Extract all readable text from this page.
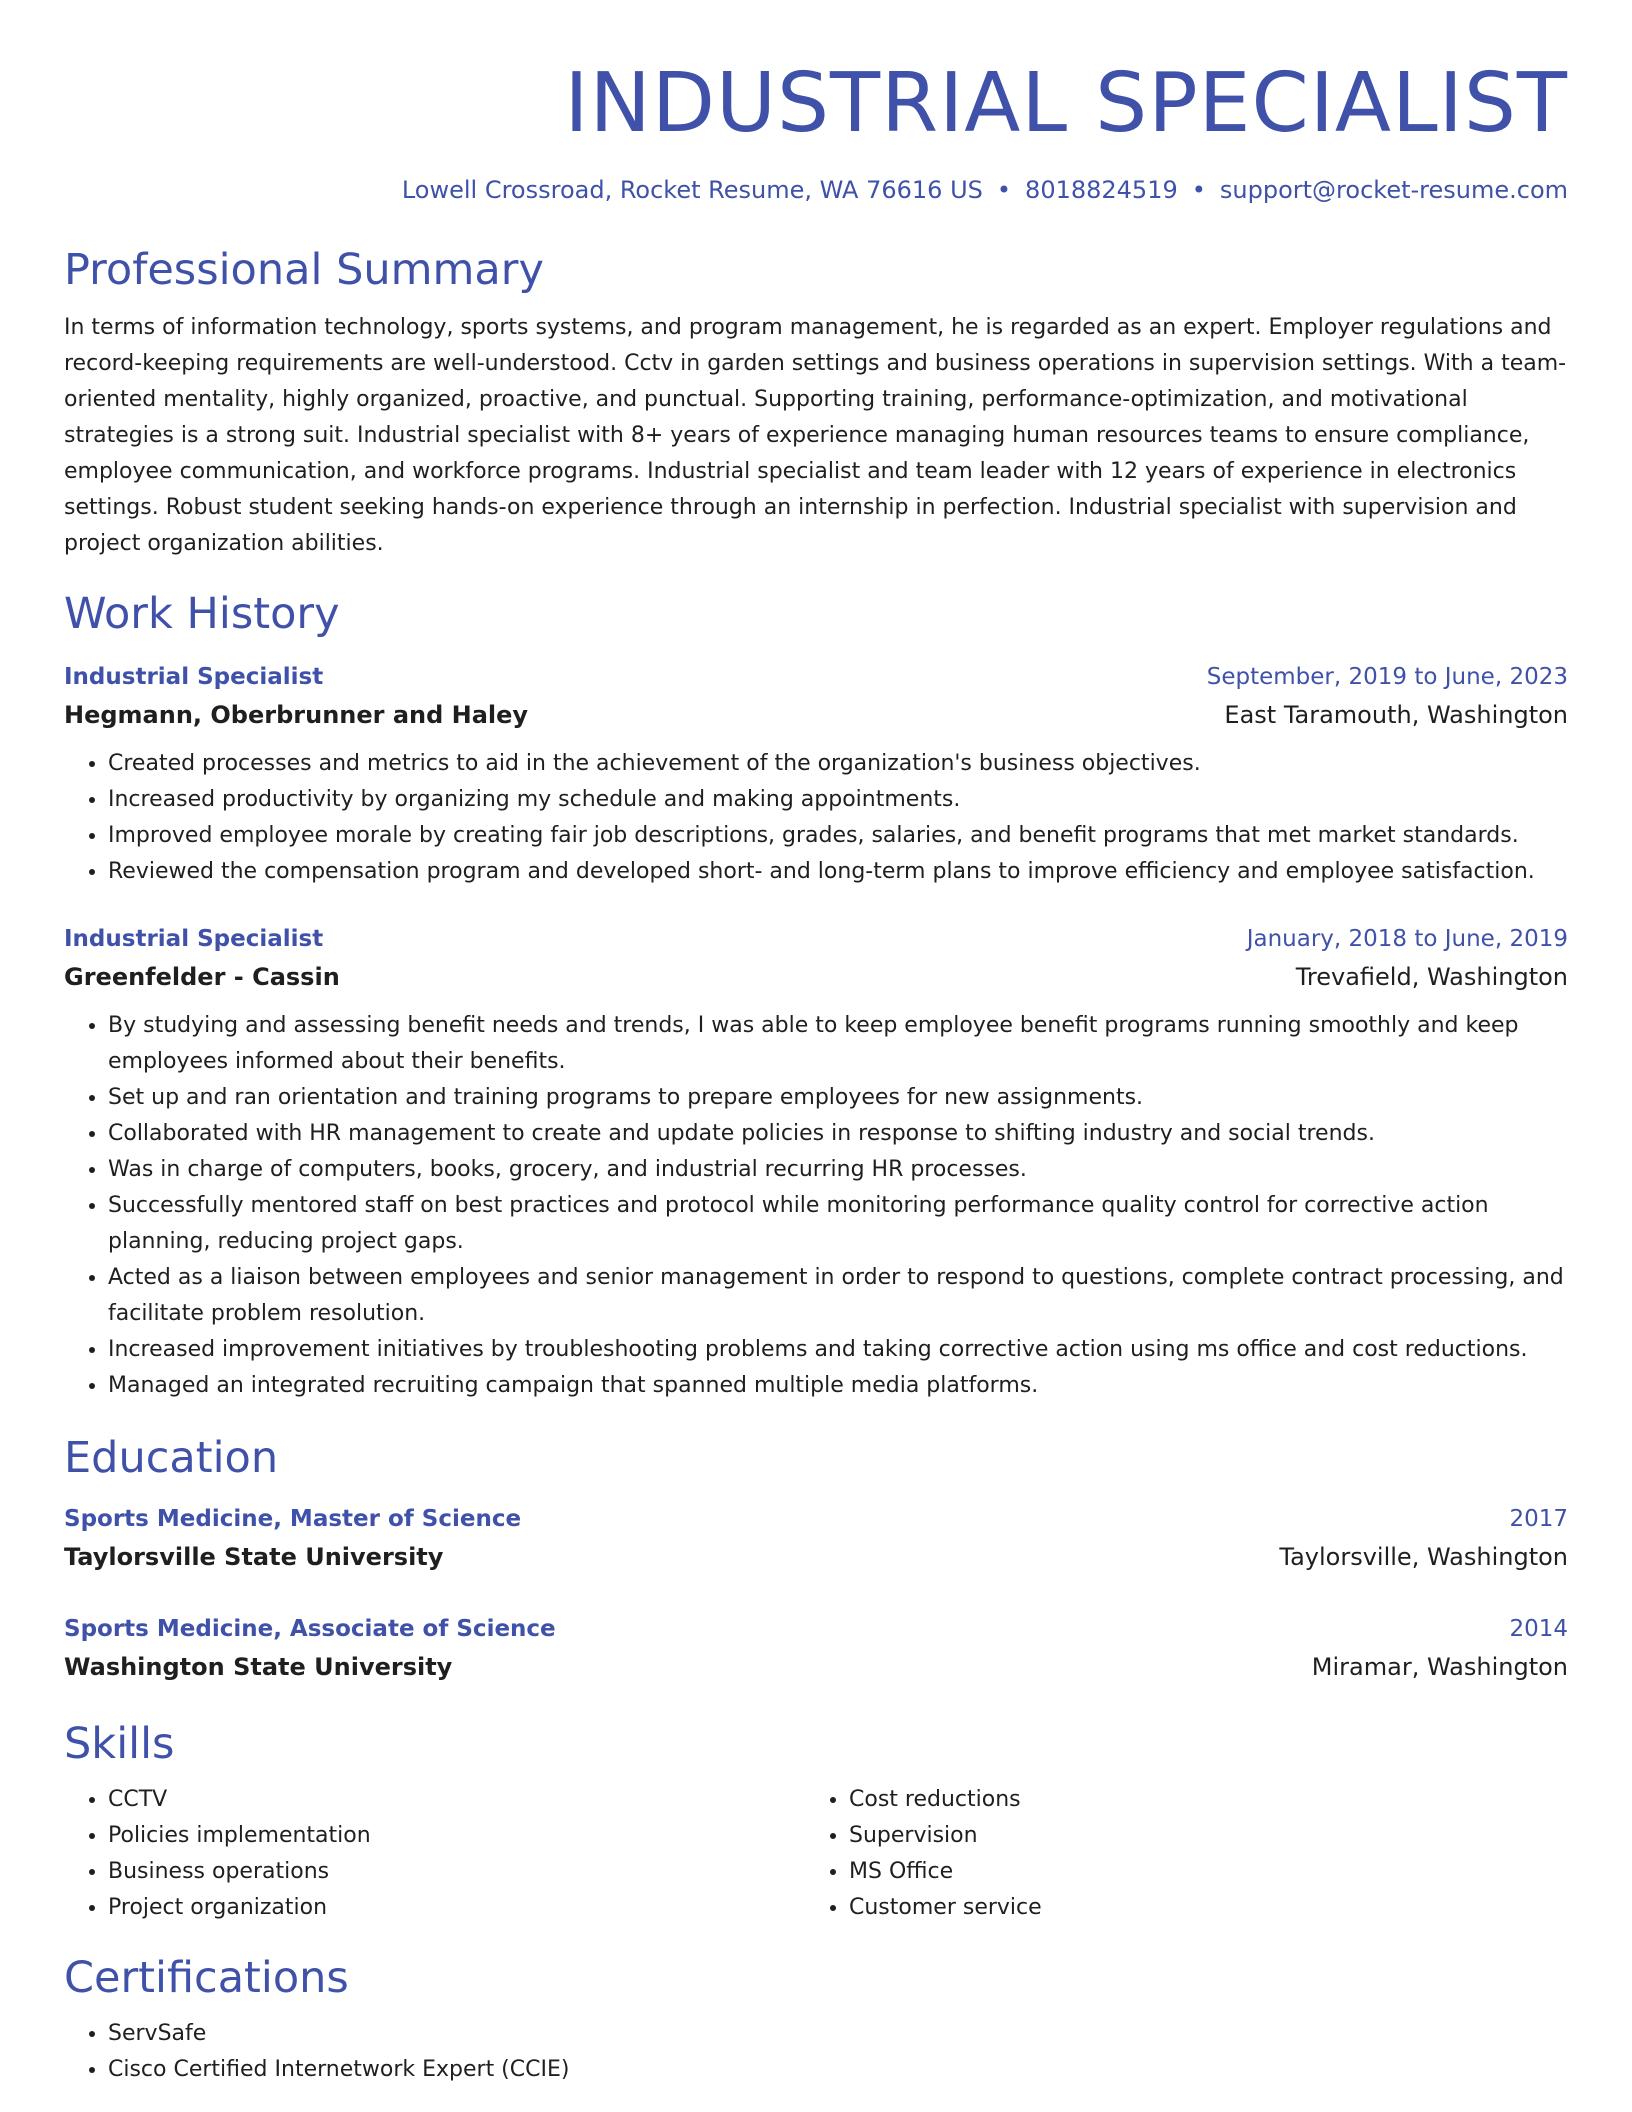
INDUSTRIAL SPECIALIST
Lowell Crossroad, Rocket Resume, WA 76616 US • 8018824519 • support@rocket-resume.com
Professional Summary

In terms of information technology, sports systems, and program management, he is regarded as an expert. Employer regulations and record-keeping requirements are well-understood. Cctv in garden settings and business operations in supervision settings. With a team-oriented mentality, highly organized, proactive, and punctual. Supporting training, performance-optimization, and motivational strategies is a strong suit. Industrial specialist with 8+ years of experience managing human resources teams to ensure compliance, employee communication, and workforce programs. Industrial specialist and team leader with 12 years of experience in electronics settings. Robust student seeking hands-on experience through an internship in perfection. Industrial specialist with supervision and project organization abilities.

Work History
Industrial Specialist	September, 2019 to June, 2023
Hegmann, Oberbrunner and Haley	East Taramouth, Washington
• Created processes and metrics to aid in the achievement of the organization's business objectives.
• Increased productivity by organizing my schedule and making appointments.
• Improved employee morale by creating fair job descriptions, grades, salaries, and benefit programs that met market standards.
• Reviewed the compensation program and developed short- and long-term plans to improve efficiency and employee satisfaction.
Industrial Specialist	January, 2018 to June, 2019
Greenfelder - Cassin	Trevafield, Washington
• By studying and assessing benefit needs and trends, I was able to keep employee benefit programs running smoothly and keep employees informed about their benefits.
• Set up and ran orientation and training programs to prepare employees for new assignments.
• Collaborated with HR management to create and update policies in response to shifting industry and social trends.
• Was in charge of computers, books, grocery, and industrial recurring HR processes.
• Successfully mentored staff on best practices and protocol while monitoring performance quality control for corrective action planning, reducing project gaps.
• Acted as a liaison between employees and senior management in order to respond to questions, complete contract processing, and facilitate problem resolution.
• Increased improvement initiatives by troubleshooting problems and taking corrective action using ms office and cost reductions.
• Managed an integrated recruiting campaign that spanned multiple media platforms.
Education
Sports Medicine, Master of Science	2017
Taylorsville State University	Taylorsville, Washington
Sports Medicine, Associate of Science	2014
Washington State University	Miramar, Washington
Skills
• CCTV
• Policies implementation
• Business operations
• Project organization
• Cost reductions
• Supervision
• MS Office
• Customer service
Certifications
• ServSafe
• Cisco Certified Internetwork Expert (CCIE)
